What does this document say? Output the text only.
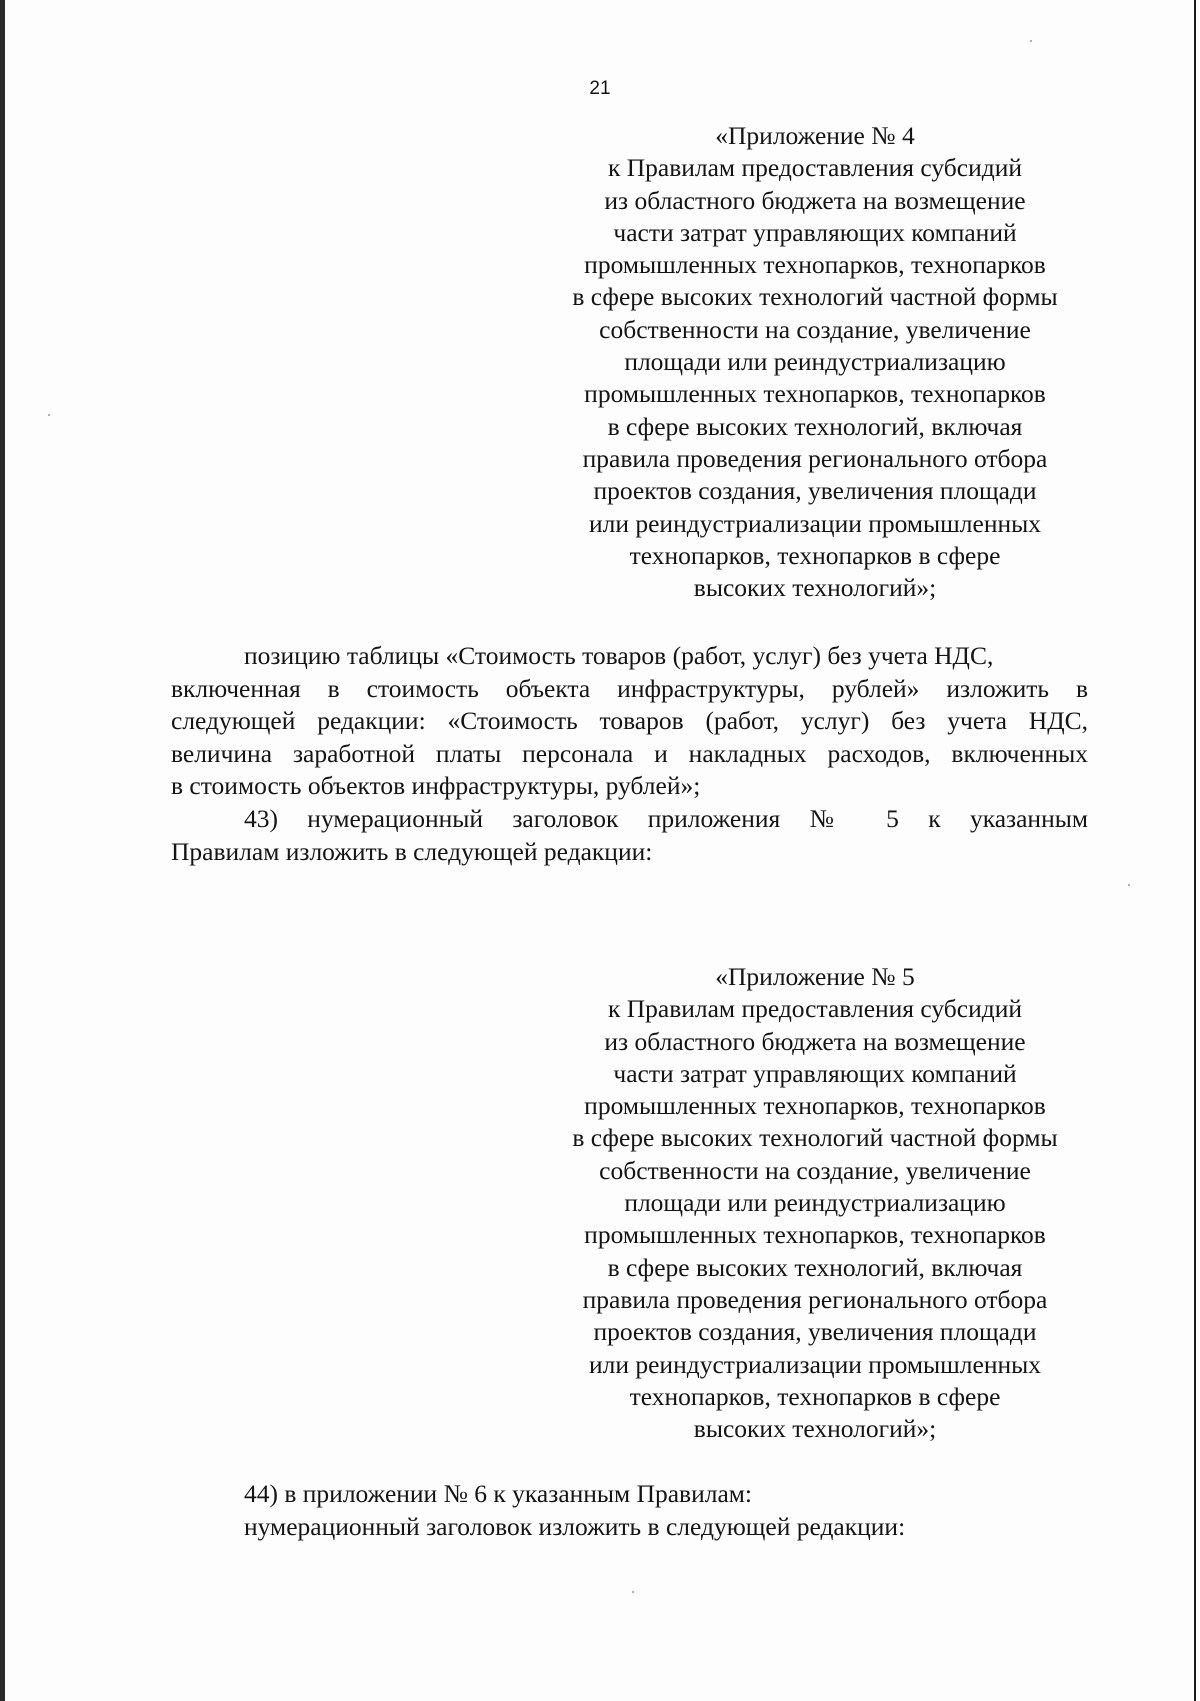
21
«Приложение № 4
к Правилам предоставления субсидий
из областного бюджета на возмещение
части затрат управляющих компаний
промышленных технопарков, технопарков
в сфере высоких технологий частной формы
собственности на создание, увеличение
площади или реиндустриализацию
промышленных технопарков, технопарков
в сфере высоких технологий, включая
правила проведения регионального отбора
проектов создания, увеличения площади
или реиндустриализации промышленных
технопарков, технопарков в сфере
высоких технологий»;
позицию таблицы «Стоимость товаров (работ, услуг) без учета НДС,
включенная в стоимость объекта инфраструктуры, рублей» изложить в
следующей редакции: «Стоимость товаров (работ, услуг) без учета НДС,
величина заработной платы персонала и накладных расходов, включенных
в стоимость объектов инфраструктуры, рублей»;
43) нумерационный заголовок приложения № 5 к указанным
Правилам изложить в следующей редакции:
«Приложение № 5
к Правилам предоставления субсидий
из областного бюджета на возмещение
части затрат управляющих компаний
промышленных технопарков, технопарков
в сфере высоких технологий частной формы
собственности на создание, увеличение
площади или реиндустриализацию
промышленных технопарков, технопарков
в сфере высоких технологий, включая
правила проведения регионального отбора
проектов создания, увеличения площади
или реиндустриализации промышленных
технопарков, технопарков в сфере
высоких технологий»;
44) в приложении № 6 к указанным Правилам:
нумерационный заголовок изложить в следующей редакции:
